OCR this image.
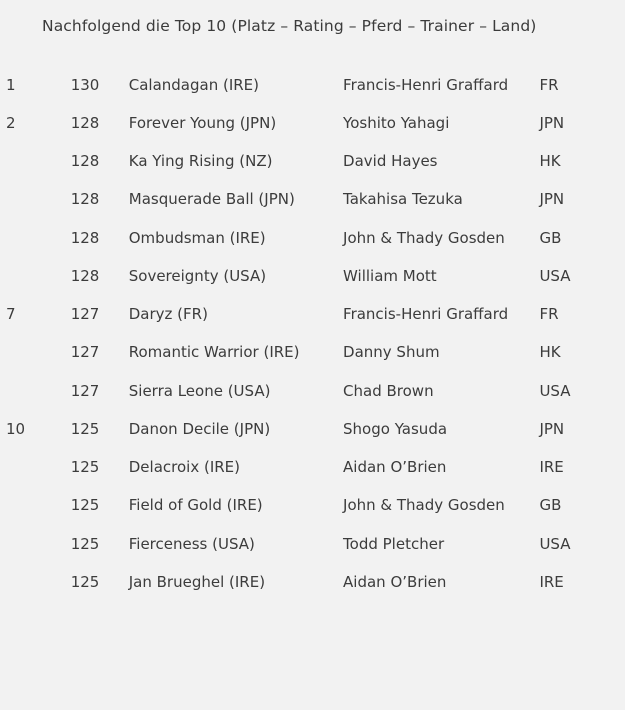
Nachfolgend die Top 10 (Platz – Rating – Pferd – Trainer – Land)
1	130	Calandagan (IRE)	Francis-Henri Graffard	FR
2	128	Forever Young (JPN)	Yoshito Yahagi	JPN
	128	Ka Ying Rising (NZ)	David Hayes	HK
	128	Masquerade Ball (JPN)	Takahisa Tezuka	JPN
	128	Ombudsman (IRE)	John & Thady Gosden	GB
	128	Sovereignty (USA)	William Mott	USA
7	127	Daryz (FR)	Francis-Henri Graffard	FR
	127	Romantic Warrior (IRE)	Danny Shum	HK
	127	Sierra Leone (USA)	Chad Brown	USA
10	125	Danon Decile (JPN)	Shogo Yasuda	JPN
	125	Delacroix (IRE)	Aidan O’Brien	IRE
	125	Field of Gold (IRE)	John & Thady Gosden	GB
	125	Fierceness (USA)	Todd Pletcher	USA
	125	Jan Brueghel (IRE)	Aidan O’Brien	IRE
